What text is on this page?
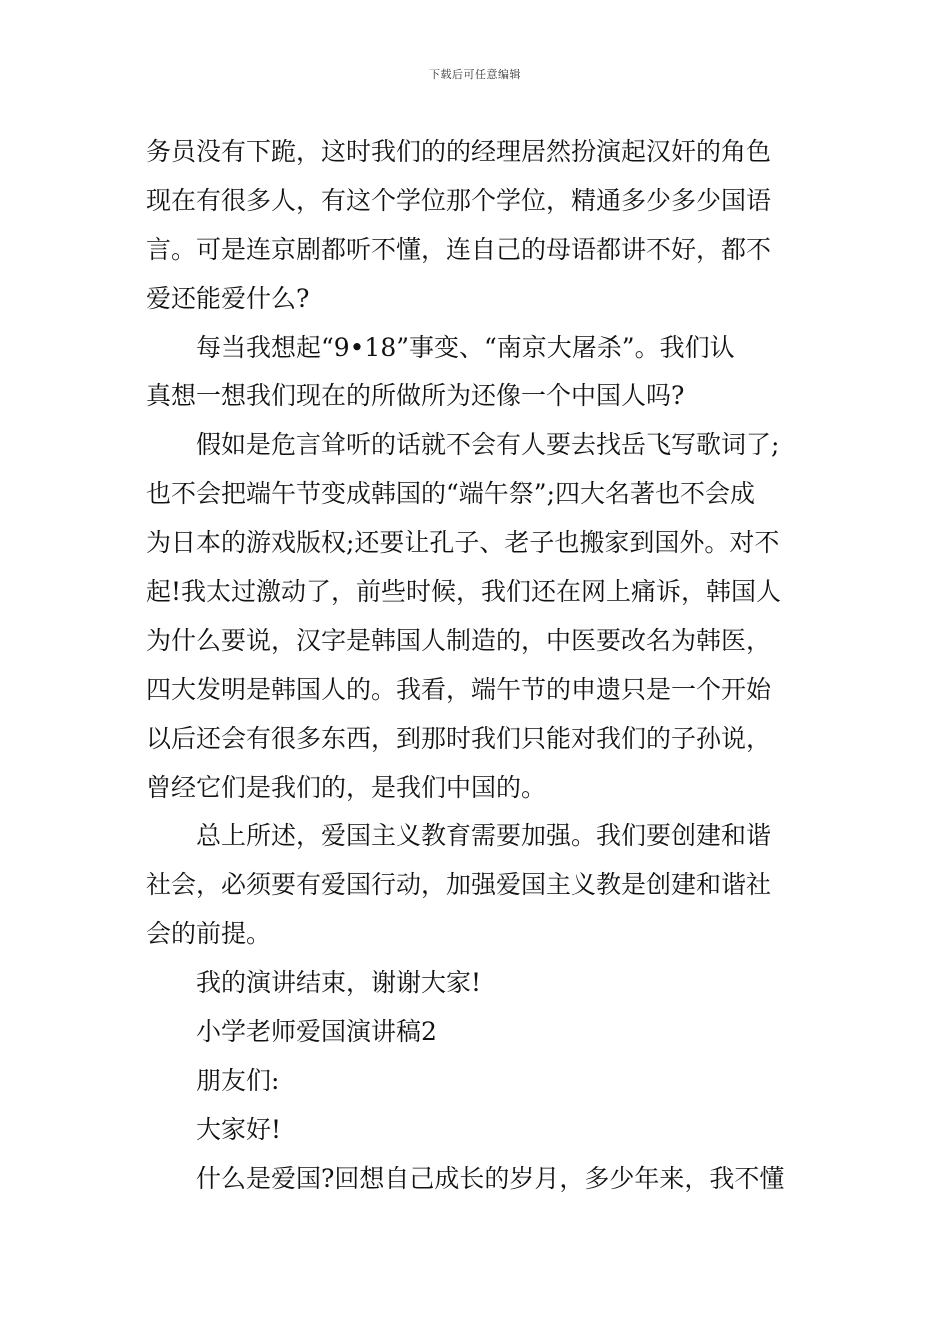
下载后可任意编辑
务员没有下跪，这时我们的的经理居然扮演起汉奸的角色
现在有很多人，有这个学位那个学位，精通多少多少国语
言。可是连京剧都听不懂，连自己的母语都讲不好，都不
爱还能爱什么?
每当我想起“9•18”事变、“南京大屠杀”。我们认
真想一想我们现在的所做所为还像一个中国人吗?
假如是危言耸听的话就不会有人要去找岳飞写歌词了;
也不会把端午节变成韩国的“端午祭”;四大名著也不会成
为日本的游戏版权;还要让孔子、老子也搬家到国外。对不
起!我太过激动了，前些时候，我们还在网上痛诉，韩国人
为什么要说，汉字是韩国人制造的，中医要改名为韩医，
四大发明是韩国人的。我看，端午节的申遗只是一个开始
以后还会有很多东西，到那时我们只能对我们的子孙说，
曾经它们是我们的，是我们中国的。
总上所述，爱国主义教育需要加强。我们要创建和谐
社会，必须要有爱国行动，加强爱国主义教是创建和谐社
会的前提。
我的演讲结束，谢谢大家!
小学老师爱国演讲稿2
朋友们:
大家好!
什么是爱国?回想自己成长的岁月，多少年来，我不懂
